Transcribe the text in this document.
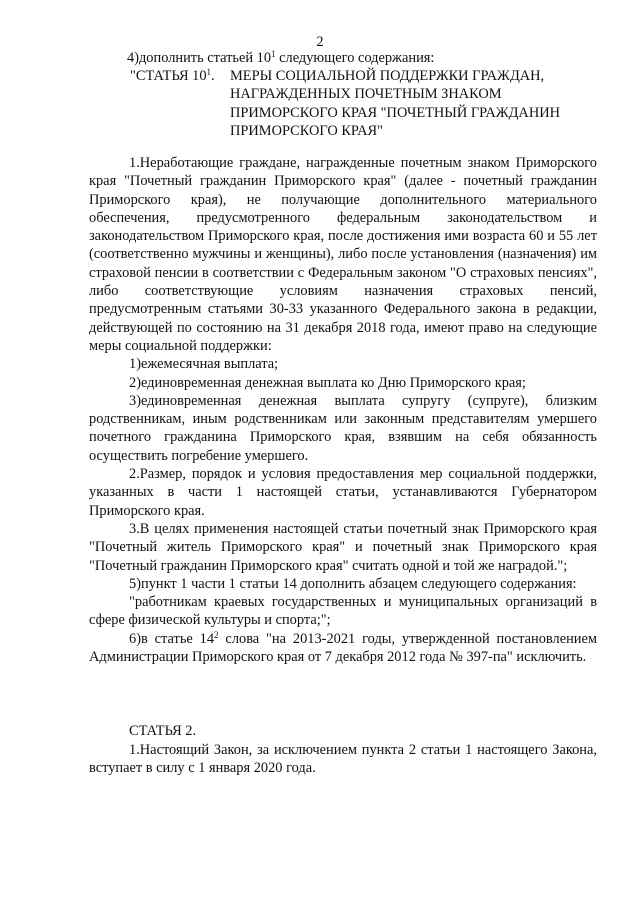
2
4)дополнить статьей $10^1$ следующего содержания:
"СТАТЬЯ $10^1$. МЕРЫ СОЦИАЛЬНОЙ ПОДДЕРЖКИ ГРАЖДАН,
НАГРАЖДЕННЫХ ПОЧЕТНЫМ ЗНАКОМ
ПРИМОРСКОГО КРАЯ "ПОЧЕТНЫЙ ГРАЖДАНИН
ПРИМОРСКОГО КРАЯ"

1.Неработающие граждане, награжденные почетным знаком Приморского края "Почетный гражданин Приморского края" (далее - почетный гражданин Приморского края), не получающие дополнительного материального обеспечения, предусмотренного федеральным законодательством и законодательством Приморского края, после достижения ими возраста 60 и 55 лет (соответственно мужчины и женщины), либо после установления (назначения) им страховой пенсии в соответствии с Федеральным законом "О страховых пенсиях", либо соответствующие условиям назначения страховых пенсий, предусмотренным статьями 30-33 указанного Федерального закона в редакции, действующей по состоянию на 31 декабря 2018 года, имеют право на следующие меры социальной поддержки:

1)ежемесячная выплата;

2)единовременная денежная выплата ко Дню Приморского края;

3)единовременная денежная выплата супругу (супруге), близким родственникам, иным родственникам или законным представителям умершего почетного гражданина Приморского края, взявшим на себя обязанность осуществить погребение умершего.

2.Размер, порядок и условия предоставления мер социальной поддержки, указанных в части 1 настоящей статьи, устанавливаются Губернатором Приморского края.

3.В целях применения настоящей статьи почетный знак Приморского края "Почетный житель Приморского края" и почетный знак Приморского края "Почетный гражданин Приморского края" считать одной и той же наградой.";

5)пункт 1 части 1 статьи 14 дополнить абзацем следующего содержания:

"работникам краевых государственных и муниципальных организаций в сфере физической культуры и спорта;";

6)в статье $14^2$ слова "на 2013-2021 годы, утвержденной постановлением Администрации Приморского края от 7 декабря 2012 года № 397-па" исключить.

СТАТЬЯ 2.

1.Настоящий Закон, за исключением пункта 2 статьи 1 настоящего Закона, вступает в силу с 1 января 2020 года.
